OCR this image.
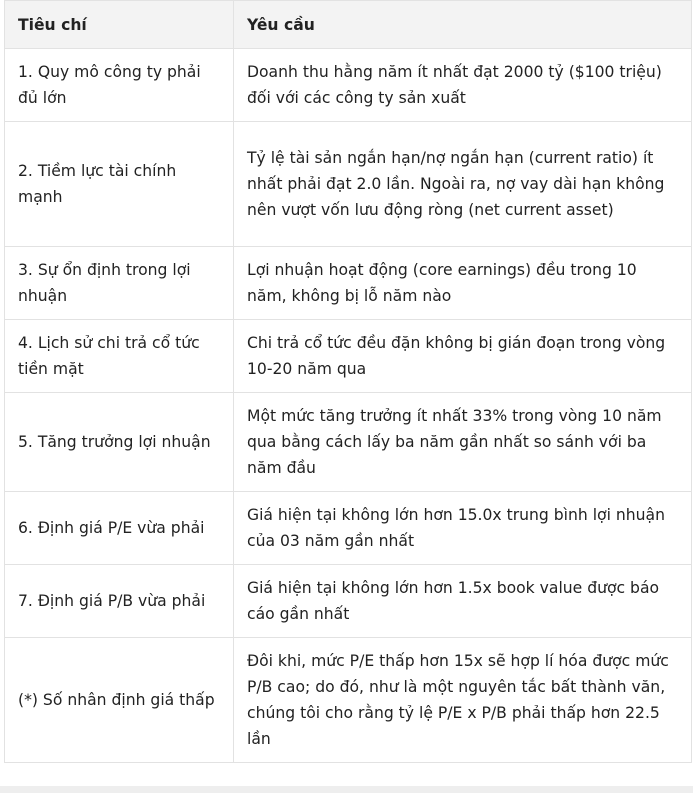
Tiêu chí	Yêu cầu
1. Quy mô công ty phải đủ lớn	Doanh thu hằng năm ít nhất đạt 2000 tỷ ($100 triệu) đối với các công ty sản xuất
2. Tiềm lực tài chính mạnh	Tỷ lệ tài sản ngắn hạn/nợ ngắn hạn (current ratio) ít nhất phải đạt 2.0 lần. Ngoài ra, nợ vay dài hạn không nên vượt vốn lưu động ròng (net current asset)
3. Sự ổn định trong lợi nhuận	Lợi nhuận hoạt động (core earnings) đều trong 10 năm, không bị lỗ năm nào
4. Lịch sử chi trả cổ tức tiền mặt	Chi trả cổ tức đều đặn không bị gián đoạn trong vòng 10-20 năm qua
5. Tăng trưởng lợi nhuận	Một mức tăng trưởng ít nhất 33% trong vòng 10 năm qua bằng cách lấy ba năm gần nhất so sánh với ba năm đầu
6. Định giá P/E vừa phải	Giá hiện tại không lớn hơn 15.0x trung bình lợi nhuận của 03 năm gần nhất
7. Định giá P/B vừa phải	Giá hiện tại không lớn hơn 1.5x book value được báo cáo gần nhất
(*) Số nhân định giá thấp	Đôi khi, mức P/E thấp hơn 15x sẽ hợp lí hóa được mức P/B cao; do đó, như là một nguyên tắc bất thành văn, chúng tôi cho rằng tỷ lệ P/E x P/B phải thấp hơn 22.5 lần
